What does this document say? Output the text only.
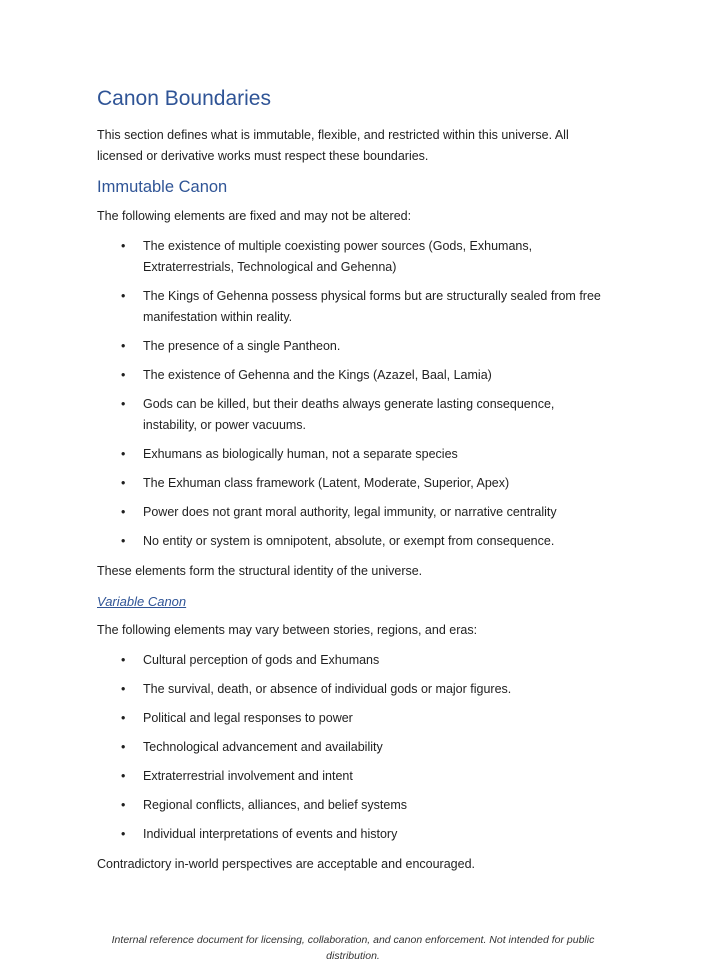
Canon Boundaries

This section defines what is immutable, flexible, and restricted within this universe. All licensed or derivative works must respect these boundaries.

Immutable Canon

The following elements are fixed and may not be altered:

• The existence of multiple coexisting power sources (Gods, Exhumans, Extraterrestrials, Technological and Gehenna)
• The Kings of Gehenna possess physical forms but are structurally sealed from free manifestation within reality.
• The presence of a single Pantheon.
• The existence of Gehenna and the Kings (Azazel, Baal, Lamia)
• Gods can be killed, but their deaths always generate lasting consequence, instability, or power vacuums.
• Exhumans as biologically human, not a separate species
• The Exhuman class framework (Latent, Moderate, Superior, Apex)
• Power does not grant moral authority, legal immunity, or narrative centrality
• No entity or system is omnipotent, absolute, or exempt from consequence.

These elements form the structural identity of the universe.

Variable Canon

The following elements may vary between stories, regions, and eras:

• Cultural perception of gods and Exhumans
• The survival, death, or absence of individual gods or major figures.
• Political and legal responses to power
• Technological advancement and availability
• Extraterrestrial involvement and intent
• Regional conflicts, alliances, and belief systems
• Individual interpretations of events and history

Contradictory in-world perspectives are acceptable and encouraged.

Internal reference document for licensing, collaboration, and canon enforcement. Not intended for public distribution.
